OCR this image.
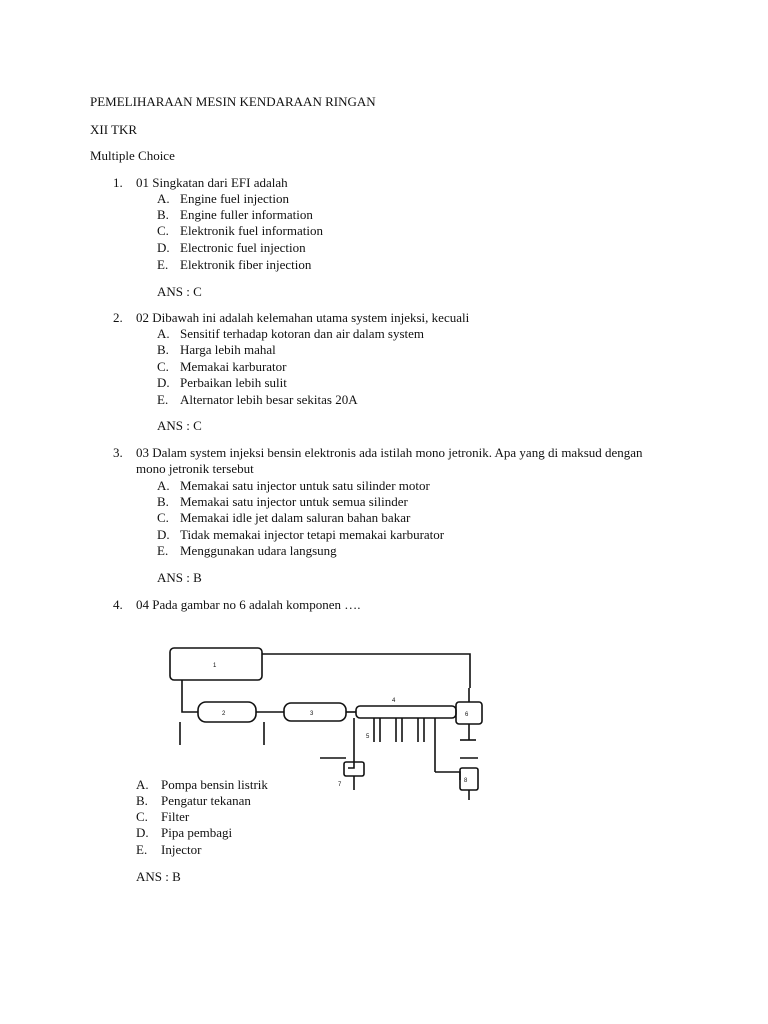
PEMELIHARAAN MESIN KENDARAAN RINGAN
XII TKR
Multiple Choice
1. 01 Singkatan dari EFI adalah
A. Engine fuel injection
B. Engine fuller information
C. Elektronik fuel information
D. Electronic fuel injection
E. Elektronik fiber injection
ANS : C
2. 02 Dibawah ini adalah kelemahan utama system injeksi, kecuali
A. Sensitif terhadap kotoran dan air dalam system
B. Harga lebih mahal
C. Memakai karburator
D. Perbaikan lebih sulit
E. Alternator lebih besar sekitas 20A
ANS : C
3. 03 Dalam system injeksi bensin elektronis ada istilah mono jetronik. Apa yang di maksud dengan
mono jetronik tersebut
A. Memakai satu injector untuk satu silinder motor
B. Memakai satu injector untuk semua silinder
C. Memakai idle jet dalam saluran bahan bakar
D. Tidak memakai injector tetapi memakai karburator
E. Menggunakan udara langsung
ANS : B
4. 04 Pada gambar no 6 adalah komponen ….
1
2	3
4
5
6
7
8
A. Pompa bensin listrik
B. Pengatur tekanan
C. Filter
D. Pipa pembagi
E. Injector
ANS : B
